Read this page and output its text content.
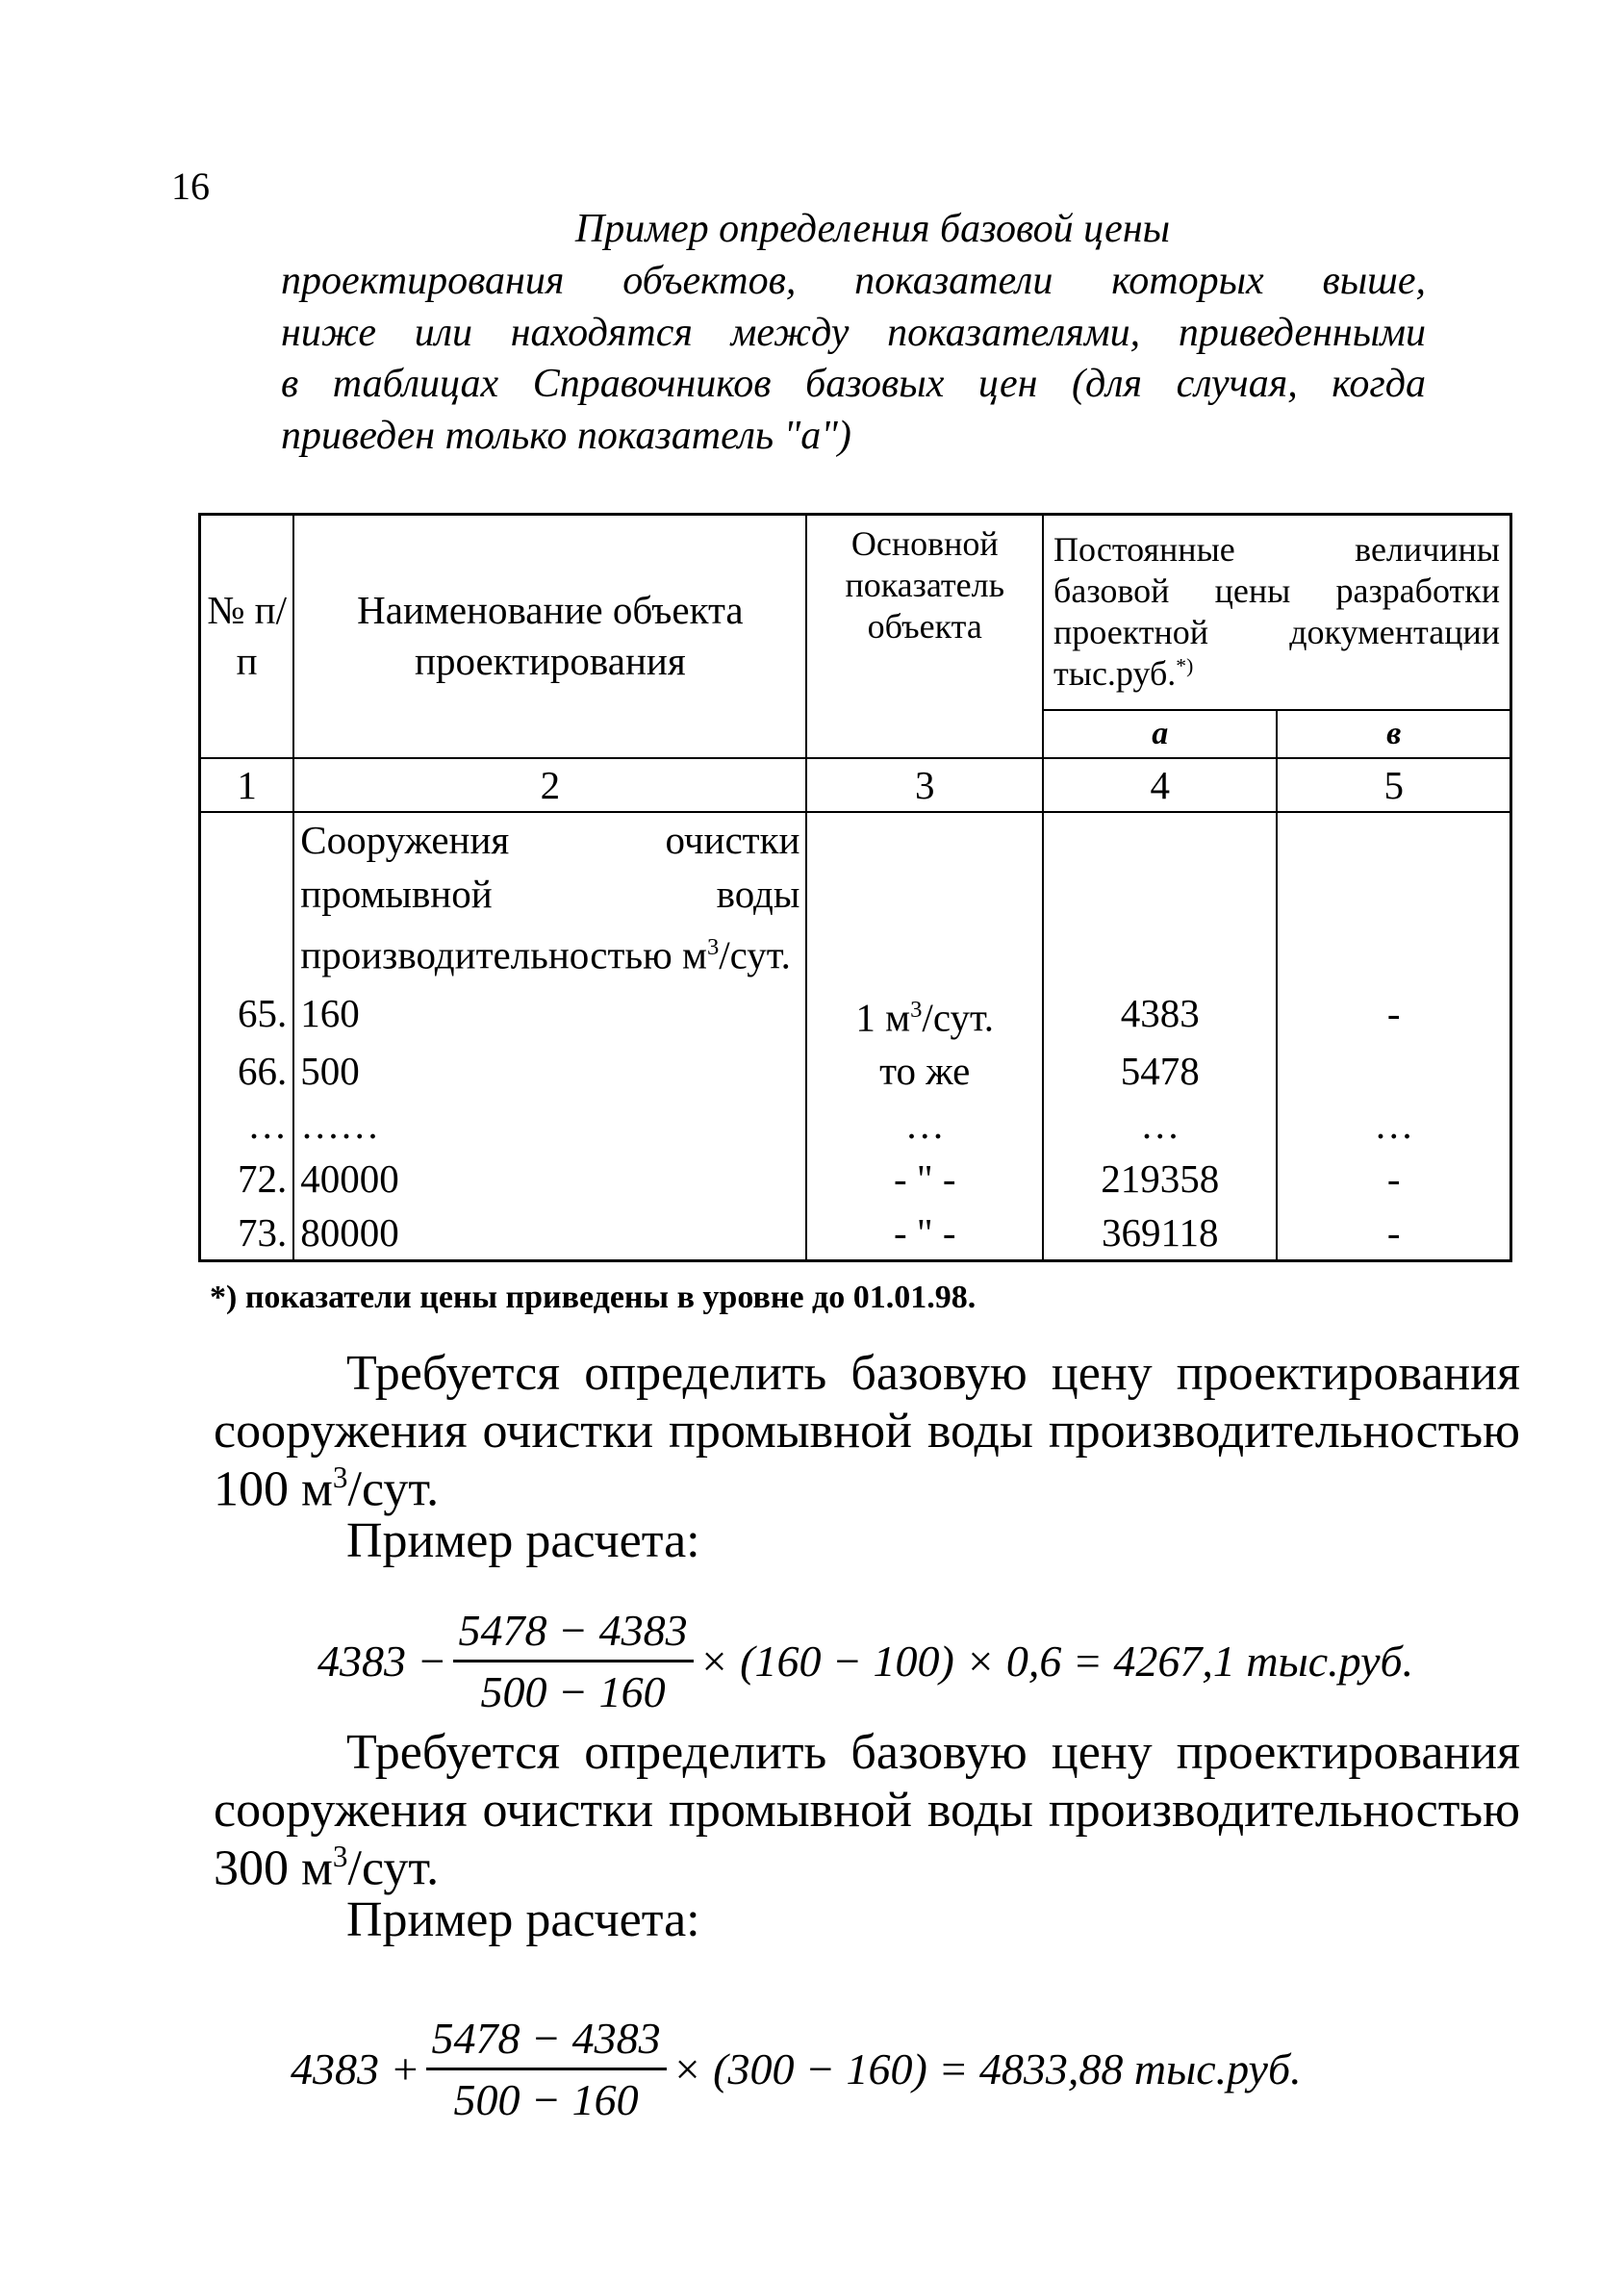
16
Пример определения базовой цены
проектирования объектов, показатели которых выше,
ниже или находятся между показателями, приведенными
в таблицах Справочников базовых цен (для случая, когда
приведен только показатель "а")
№ п/п	Наименование объекта проектирования	Основной показатель объекта	Постоянные величины базовой цены разработки проектной документации тыс.руб.*)
			а	в
1	2	3	4	5
	Сооружения очистки промывной воды производительностью $м^3$/сут.			
65.	160	1 $м^3$/сут.	4383	-
66.	500	то же	5478	
…	……	…	…	…
72.	40000	- " -	219358	-
73.	80000	- " -	369118	-
*) показатели цены приведены в уровне до 01.01.98.
Требуется определить базовую цену проектирования сооружения очистки промывной воды производительностью 100 $м^3$/сут.
Пример расчета:
$4383 - \frac{5478 - 4383}{500 - 160} \times (160 - 100) \times 0,6 = 4267,1$ тыс.руб.
Требуется определить базовую цену проектирования сооружения очистки промывной воды производительностью 300 $м^3$/сут.
Пример расчета:
$4383 + \frac{5478 - 4383}{500 - 160} \times (300 - 160) = 4833,88$ тыс.руб.
